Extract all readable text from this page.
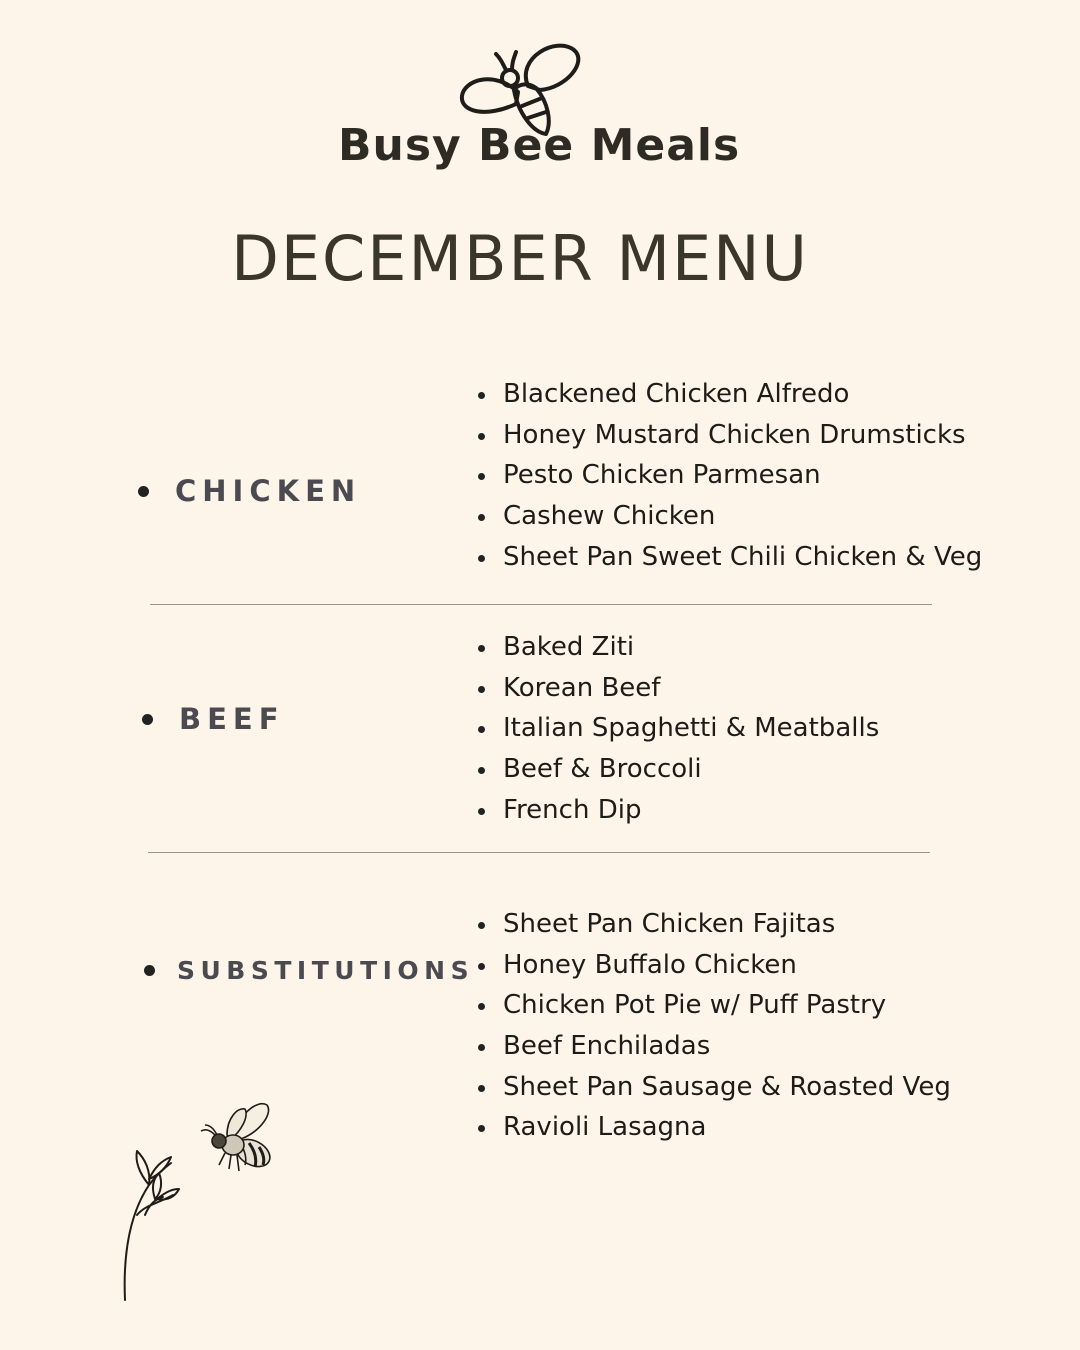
Busy Bee Meals
DECEMBER MENU
CHICKEN
Blackened Chicken Alfredo
Honey Mustard Chicken Drumsticks
Pesto Chicken Parmesan
Cashew Chicken
Sheet Pan Sweet Chili Chicken & Veg
BEEF
Baked Ziti
Korean Beef
Italian Spaghetti & Meatballs
Beef & Broccoli
French Dip
SUBSTITUTIONS
Sheet Pan Chicken Fajitas
Honey Buffalo Chicken
Chicken Pot Pie w/ Puff Pastry
Beef Enchiladas
Sheet Pan Sausage & Roasted Veg
Ravioli Lasagna
